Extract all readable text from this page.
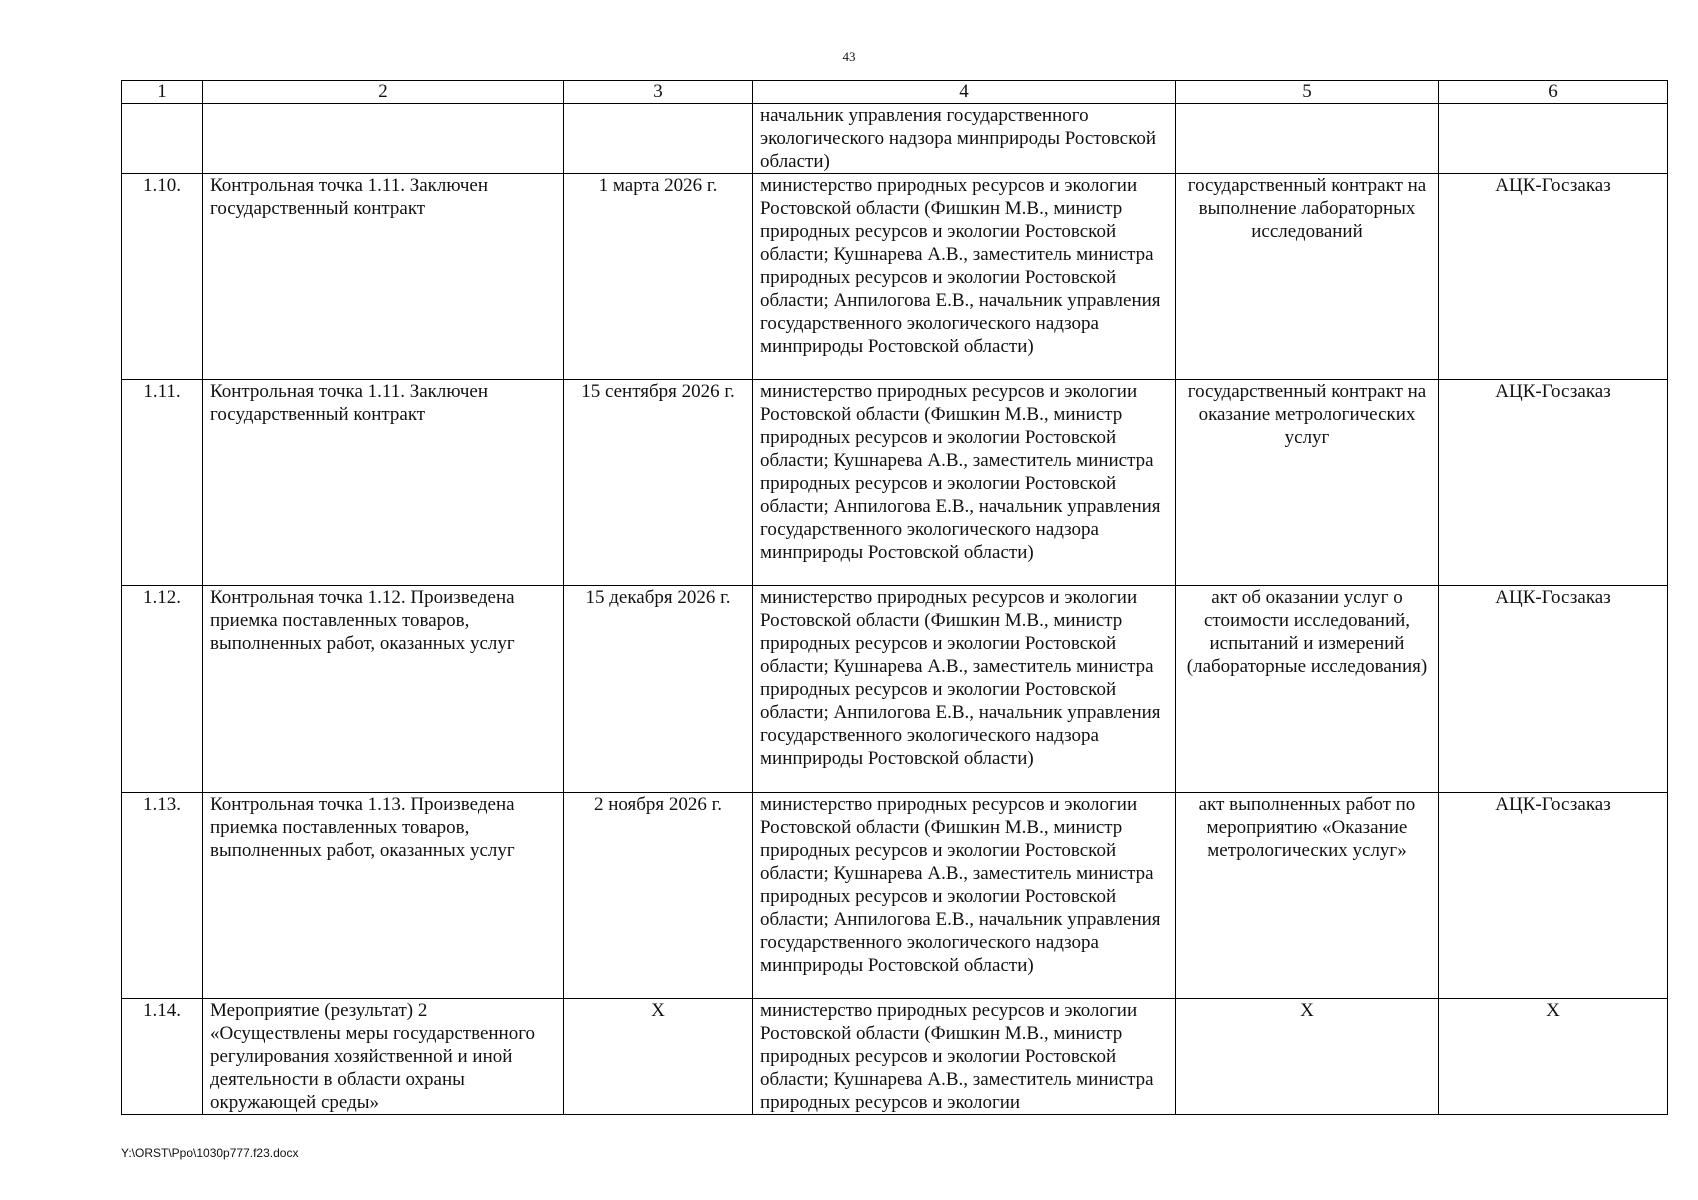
43
1	2	3	4	5	6
			начальник управления государственного экологического надзора минприроды Ростовской области)		
1.10.	Контрольная точка 1.11. Заключен государственный контракт	1 марта 2026 г.	министерство природных ресурсов и экологии Ростовской области (Фишкин М.В., министр природных ресурсов и экологии Ростовской области; Кушнарева А.В., заместитель министра природных ресурсов и экологии Ростовской области; Анпилогова Е.В., начальник управления государственного экологического надзора минприроды Ростовской области)	государственный контракт на выполнение лабораторных исследований	АЦК-Госзаказ
1.11.	Контрольная точка 1.11. Заключен государственный контракт	15 сентября 2026 г.	министерство природных ресурсов и экологии Ростовской области (Фишкин М.В., министр природных ресурсов и экологии Ростовской области; Кушнарева А.В., заместитель министра природных ресурсов и экологии Ростовской области; Анпилогова Е.В., начальник управления государственного экологического надзора минприроды Ростовской области)	государственный контракт на оказание метрологических услуг	АЦК-Госзаказ
1.12.	Контрольная точка 1.12. Произведена приемка поставленных товаров, выполненных работ, оказанных услуг	15 декабря 2026 г.	министерство природных ресурсов и экологии Ростовской области (Фишкин М.В., министр природных ресурсов и экологии Ростовской области; Кушнарева А.В., заместитель министра природных ресурсов и экологии Ростовской области; Анпилогова Е.В., начальник управления государственного экологического надзора минприроды Ростовской области)	акт об оказании услуг о стоимости исследований, испытаний и измерений (лабораторные исследования)	АЦК-Госзаказ
1.13.	Контрольная точка 1.13. Произведена приемка поставленных товаров, выполненных работ, оказанных услуг	2 ноября 2026 г.	министерство природных ресурсов и экологии Ростовской области (Фишкин М.В., министр природных ресурсов и экологии Ростовской области; Кушнарева А.В., заместитель министра природных ресурсов и экологии Ростовской области; Анпилогова Е.В., начальник управления государственного экологического надзора минприроды Ростовской области)	акт выполненных работ по мероприятию «Оказание метрологических услуг»	АЦК-Госзаказ
1.14.	Мероприятие (результат) 2 «Осуществлены меры государственного регулирования хозяйственной и иной деятельности в области охраны окружающей среды»	Х	министерство природных ресурсов и экологии Ростовской области (Фишкин М.В., министр природных ресурсов и экологии Ростовской области; Кушнарева А.В., заместитель министра природных ресурсов и экологии	Х	Х
Y:\ORST\Ppo\1030p777.f23.docx
